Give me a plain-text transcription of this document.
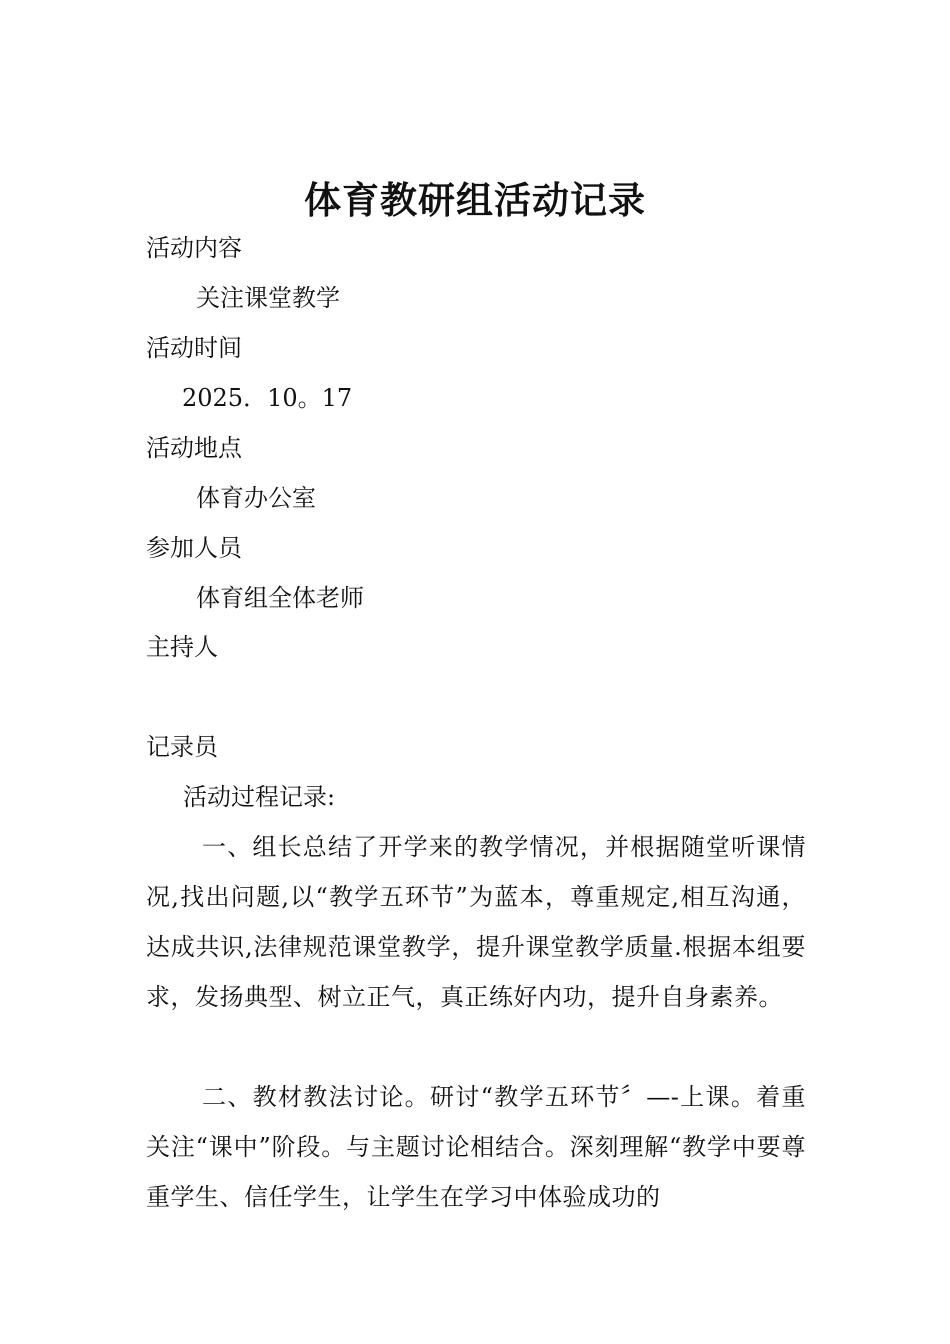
体育教研组活动记录
活动内容
关注课堂教学
活动时间
2025．10。17
活动地点
体育办公室
参加人员
体育组全体老师
主持人
记录员
活动过程记录:
一、组长总结了开学来的教学情况，并根据随堂听课情况,找出问题,以“教学五环节”为蓝本，尊重规定,相互沟通，达成共识,法律规范课堂教学，提升课堂教学质量.根据本组要求，发扬典型、树立正气，真正练好内功，提升自身素养。
二、教材教法讨论。研讨“教学五环节〞—-上课。着重关注“课中”阶段。与主题讨论相结合。深刻理解“教学中要尊重学生、信任学生，让学生在学习中体验成功的
